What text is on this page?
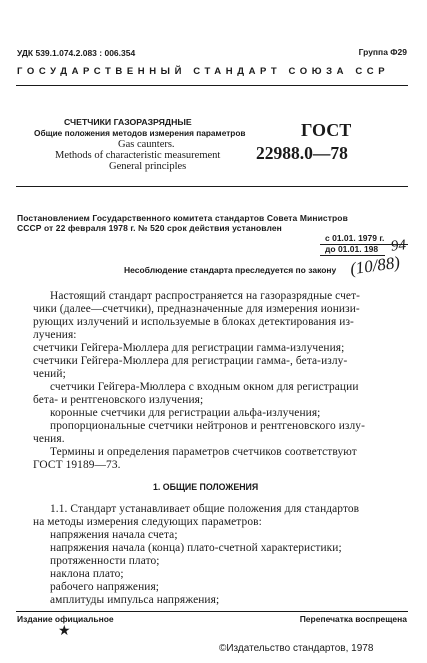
УДК 539.1.074.2.083 : 006.354	Группа Ф29
ГОСУДАРСТВЕННЫЙ СТАНДАРТ СОЮЗА ССР
СЧЕТЧИКИ ГАЗОРАЗРЯДНЫЕ
Общие положения методов измерения параметров
Gas caunters.
Methods of characteristic measurement
General principles
ГОСТ
22988.0—78
Постановлением Государственного комитета стандартов Совета Министров
СССР от 22 февраля 1978 г. № 520 срок действия установлен
с 01.01. 1979 г.
до 01.01. 198 94
Несоблюдение стандарта преследуется по закону (10/88)
Настоящий стандарт распространяется на газоразрядные счет-
чики (далее—счетчики), предназначенные для измерения ионизи-
рующих излучений и используемые в блоках детектирования из-
лучения:
счетчики Гейгера-Мюллера для регистрации гамма-излучения;
счетчики Гейгера-Мюллера для регистрации гамма-, бета-излу-
чений;
счетчики Гейгера-Мюллера с входным окном для регистрации
бета- и рентгеновского излучения;
коронные счетчики для регистрации альфа-излучения;
пропорциональные счетчики нейтронов и рентгеновского излу-
чения.
Термины и определения параметров счетчиков соответствуют
ГОСТ 19189—73.
1. ОБЩИЕ ПОЛОЖЕНИЯ
1.1. Стандарт устанавливает общие положения для стандартов
на методы измерения следующих параметров:
напряжения начала счета;
напряжения начала (конца) плато-счетной характеристики;
протяженности плато;
наклона плато;
рабочего напряжения;
амплитуды импульса напряжения;
Издание официальное	Перепечатка воспрещена
★
©Издательство стандартов, 1978
